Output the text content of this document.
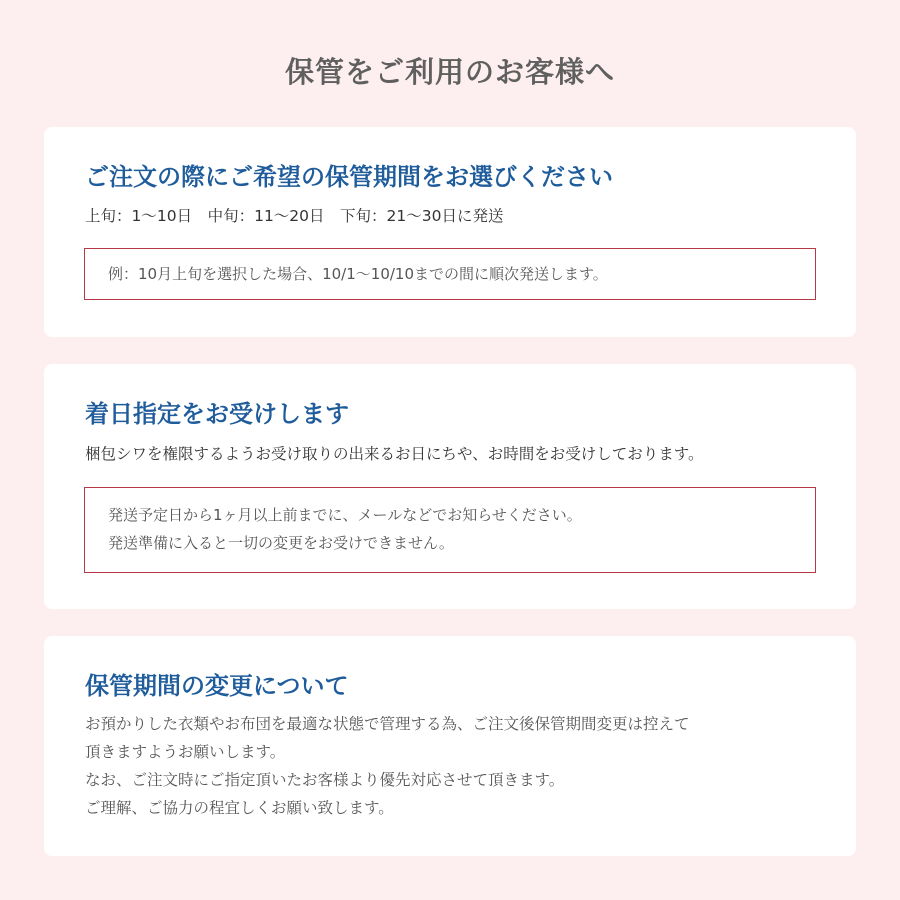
保管をご利用のお客様へ
ご注文の際にご希望の保管期間をお選びください
上旬：1〜10日　中旬：11〜20日　下旬：21〜30日に発送
例：10月上旬を選択した場合、10/1〜10/10までの間に順次発送します。
着日指定をお受けします
梱包シワを権限するようお受け取りの出来るお日にちや、お時間をお受けしております。
発送予定日から1ヶ月以上前までに、メールなどでお知らせください。
発送準備に入ると一切の変更をお受けできません。
保管期間の変更について
お預かりした衣類やお布団を最適な状態で管理する為、ご注文後保管期間変更は控えて
頂きますようお願いします。
なお、ご注文時にご指定頂いたお客様より優先対応させて頂きます。
ご理解、ご協力の程宜しくお願い致します。
